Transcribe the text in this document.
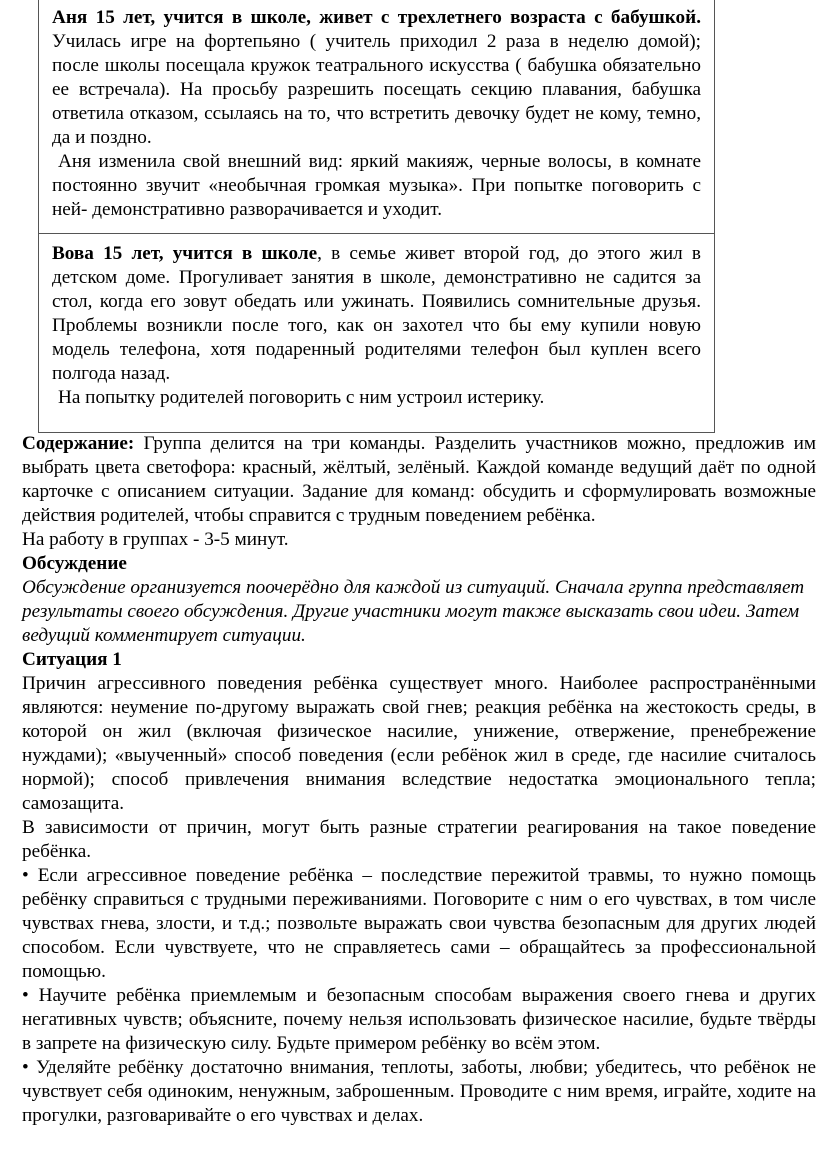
Аня 15 лет, учится в школе, живет с трехлетнего возраста с бабушкой. Училась игре на фортепьяно ( учитель приходил 2 раза в неделю домой); после школы посещала кружок театрального искусства ( бабушка обязательно ее встречала). На просьбу разрешить посещать секцию плавания, бабушка ответила отказом, ссылаясь на то, что встретить девочку будет не кому, темно, да и поздно.

Аня изменила свой внешний вид: яркий макияж, черные волосы, в комнате постоянно звучит «необычная громкая музыка». При попытке поговорить с ней- демонстративно разворачивается и уходит.

Вова 15 лет, учится в школе, в семье живет второй год, до этого жил в детском доме. Прогуливает занятия в школе, демонстративно не садится за стол, когда его зовут обедать или ужинать. Появились сомнительные друзья. Проблемы возникли после того, как он захотел что бы ему купили новую модель телефона, хотя подаренный родителями телефон был куплен всего полгода назад.

На попытку родителей поговорить с ним устроил истерику.

Содержание: Группа делится на три команды. Разделить участников можно, предложив им выбрать цвета светофора: красный, жёлтый, зелёный. Каждой команде ведущий даёт по одной карточке с описанием ситуации. Задание для команд: обсудить и сформулировать возможные действия родителей, чтобы справится с трудным поведением ребёнка.

На работу в группах - 3-5 минут.

Обсуждение

Обсуждение организуется поочерёдно для каждой из ситуаций. Сначала группа представляет результаты своего обсуждения. Другие участники могут также высказать свои идеи. Затем ведущий комментирует ситуации.

Ситуация 1

Причин агрессивного поведения ребёнка существует много. Наиболее распространёнными являются: неумение по-другому выражать свой гнев; реакция ребёнка на жестокость среды, в которой он жил (включая физическое насилие, унижение, отвержение, пренебрежение нуждами); «выученный» способ поведения (если ребёнок жил в среде, где насилие считалось нормой); способ привлечения внимания вследствие недостатка эмоционального тепла; самозащита.

В зависимости от причин, могут быть разные стратегии реагирования на такое поведение ребёнка.

• Если агрессивное поведение ребёнка – последствие пережитой травмы, то нужно помощь ребёнку справиться с трудными переживаниями. Поговорите с ним о его чувствах, в том числе чувствах гнева, злости, и т.д.; позвольте выражать свои чувства безопасным для других людей способом. Если чувствуете, что не справляетесь сами – обращайтесь за профессиональной помощью.

• Научите ребёнка приемлемым и безопасным способам выражения своего гнева и других негативных чувств; объясните, почему нельзя использовать физическое насилие, будьте твёрды в запрете на физическую силу. Будьте примером ребёнку во всём этом.

• Уделяйте ребёнку достаточно внимания, теплоты, заботы, любви; убедитесь, что ребёнок не чувствует себя одиноким, ненужным, заброшенным. Проводите с ним время, играйте, ходите на прогулки, разговаривайте о его чувствах и делах.
